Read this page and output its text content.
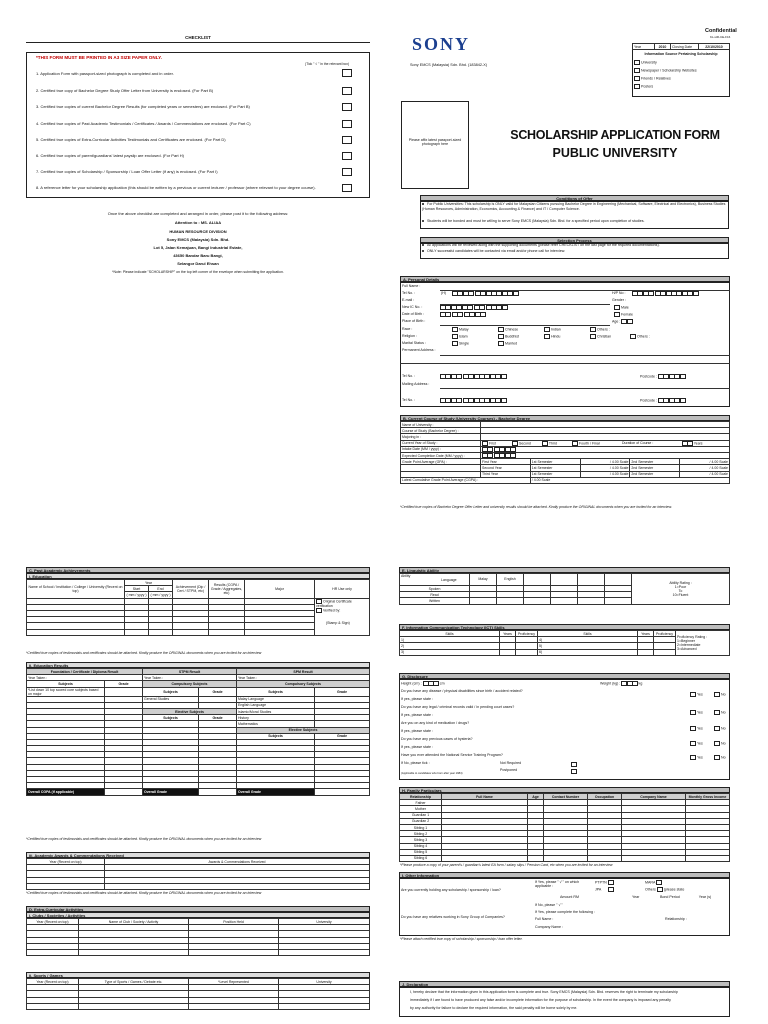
CHECKLIST
*THIS FORM MUST BE PRINTED IN A3 SIZE PAPER ONLY.
(Tick " √ " in the relevant box)
1. Application Form with passport-sized photograph is completed and in order.
2. Certified true copy of Bachelor Degree Study Offer Letter from University is enclosed. (For Part B)
3. Certified true copies of current Bachelor Degree Results (for completed years or semesters) are enclosed. (For Part B)
4. Certified true copies of Past Academic Testimonials / Certificates / Awards / Commendations are enclosed. (For Part C)
5. Certified true copies of Extra-Curricular Activities Testimonials and Certificates are enclosed. (For Part D)
6. Certified true copies of parent/guardians' latest payslip are enclosed. (For Part H)
7. Certified true copies of Scholarship / Sponsorship / Loan Offer Letter (if any) is enclosed. (For Part I)
8. A reference letter for your scholarship application (this should be written by a previous or current lecturer / professor (where relevant to your degree course).
Once the above checklist are completed and arranged in order, please post it to the following address:
Attention to : MS. ALIAA
HUMAN RESOURCE DIVISION
Sony EMCS (Malaysia) Sdn. Bhd.
Lot 5, Jalan Kemajuan, Bangi Industrial Estate,
43650 Bandar Baru Bangi,
Selangor Darul Ehsan
*Note: Please indicate "SCHOLARSHIP" on the top left corner of the envelope when submitting the application.
Confidential
KL-HR-CE-F16
SONY
Sony EMCS (Malaysia) Sdn. Bhd. (183842-X)
Year	2010	Closing Date	22/10/2010
Information Source Pertaining Scholarship
University
Newspaper / Scholarship Websites
Friends / Relatives
Posters
Please affix latest passport-sized photograph here
SCHOLARSHIP APPLICATION FORM
PUBLIC UNIVERSITY
Conditions of Offer
For Public Universities: This scholarship is ONLY valid for Malaysian Citizens pursuing Bachelor Degree in Engineering (Mechanical, Software, Electrical and Electronics), Business Studies (Human Resources, Administration, Economics, Accounting & Finance) and IT / Computer Science.
Students will be bonded and must be willing to serve Sony EMCS (Malaysia) Sdn. Bhd. for a specified period upon completion of studies.
Selection Process
All applications will be reviewed along with the supporting documents (please refer CHECKLIST on the last page for the required documentations).
ONLY successful candidates will be contacted via email and/or phone call for interview.
A. Personal Details
Full Name :
Tel No. :
E-mail :
New IC No. :
Date of Birth :
Place of Birth :
Race :
Religion :
Marital Status :
Permanent Address :
Tel No. :
Mailing Address :
Tel No. :
(H)
	H/P No :

Gender :
Male
Female
Age :
Malay	Chinese	Indian	Others :
Islam	Buddhist	Hindu	Christian	Others :
Single	Married

Postcode :

Postcode :
B. Current Course of Study (University Courses) - Bachelor Degree
Name of University :					
Course of Study (Bachelor Degree) :					
Majoring in :					
Current Year of Study :	First Second Third Fourth / Final Duration of Course : Years				
Intake Date (MM / yyyy) :					
Expected Completion Date (MM / yyyy) :					
Grade Point Average (GPA) :	First Year	1st Semester	/ 4.00 Scale	2nd Semester	/ 4.00 Scale
	Second Year	1st Semester	/ 4.00 Scale	2nd Semester	/ 4.00 Scale
	Third Year	1st Semester	/ 4.00 Scale	2nd Semester	/ 4.00 Scale
Latest Cumulative Grade Point Average (CGPA) :		/ 4.00 Scale			
*Certified true copies of Bachelor Degree Offer Letter and university results should be attached. Kindly produce the ORIGINAL documents when you are invited for an interview.
C. Past Academic Achievements
i. Education
Name of School / Institution / College / University (Recent on top)	Year		Achievement (Dip / Cert / STPM, etc)	Results (CGPA / Grade / Aggregates, etc)	Major	HR Use only
	Start	End				
	( mm / yyyy )	( mm / yyyy )				
						Original Certificate verification
Verified by:

(Stamp & Sign)

*Certified true copies of testimonials and certificates should be attached. Kindly produce the ORIGINAL documents when you are invited for an interview
ii. Education Results
Foundation / Certificate / Diploma Result		STPM Result		SPM Result	
Year Taken :		Year Taken :		Year Taken :	
Subjects	Grade	Compulsory Subjects		Compulsory Subjects	
*List down 10 top scored core subjects based on major		Subjects	Grade	Subjects	Grade
		General Studies		Malay Language	
				English Language	
		Elective Subjects		Islamic/Moral Studies	
		Subjects	Grade	History	
				Mathematics	
				Elective Subjects	
				Subjects	Grade

Overall CGPA (if applicable)		Overall Grade		Overall Grade	
*Certified true copies of testimonials and certificates should be attached. Kindly produce the ORIGINAL documents when you are invited for an interview
iii. Academic Awards & Commendations Received
Year (Recent on top)	Awards & Commendations Received

*Certified true copies of testimonials and certificates should be attached. Kindly produce the ORIGINAL documents when you are invited for an interview
D. Extra-Curricular Activities
i. Clubs / Societies / Activities
Year (Recent on top)	Name of Club / Society / Activity	Position Held	University

ii. Sports / Games
Year (Recent on top)	Type of Sports / Games / Debate etc.	*Level Represented	University

E. Linguistic Ability
Ability
Language	Malay	English					Ability Rating :
1=Poor
To
10=Fluent
Spoken							
Read							
Written							
F. Information Communication Technology (ICT) Skills
Skills	Years	Proficiency	Skills	Years	Proficiency	Proficiency Rating :
1=Beginner
2=Intermediate
3=Advanced
1)			4)			
2)			5)			
3)			6)			
G. Disclosure
Height (cm) :	cm	Weight (kg) :	kg
Do you have any disease / physical disabilities since birth / accident related?
If yes, please state :
Do you have any legal / criminal records valid / in pending court cases?
If yes, please state :
Are you on any kind of medication / drugs?
If yes, please state :
Do you have any previous cases of hysteria?
If yes, please state :
Have you ever attended the National Service Training Program?
If No, please tick :	Not Required
Postponed
(Applicable to candidates who born after year 1984)
Yes	No
Yes	No
Yes	No
Yes	No
Yes	No
H. Family Particulars
Relationship	Full Name	Age	Contact Number	Occupation	Company Name	Monthly Gross Income
Father						
Mother						
Guardian 1						
Guardian 2						
Sibling 1						
Sibling 2						
Sibling 3						
Sibling 4						
Sibling 5						
Sibling 6						
*Please produce a copy of your parent's / guardian's latest EA form / salary slips / Pension Card, etc when you are invited for an interview
I. Other Information
Are you currently holding any scholarship / sponsorship / loan?
If Yes, please " √ " on which applicable :
PTPTN
JPA
MARA
Others (please state
Amount RM	Year	Bond Period	Year (s)
If No, please " √ "
Do you have any relatives working in Sony Group of Companies?
If Yes, please complete the following :
Full Name :	Relationship :
Company Name :
*Please attach certified true copy of scholarship / sponsorship / loan offer letter.
J. Declaration
I, hereby declare that the information given in this application form is complete and true. Sony EMCS (Malaysia) Sdn. Bhd. reserves the right to terminate my scholarship
immediately if I are found to have produced any false and/or incomplete information for the purpose of scholarship. In the event the company is imposed any penalty
by any authority for failure to declare the required information, the said penalty will be borne solely by me.
